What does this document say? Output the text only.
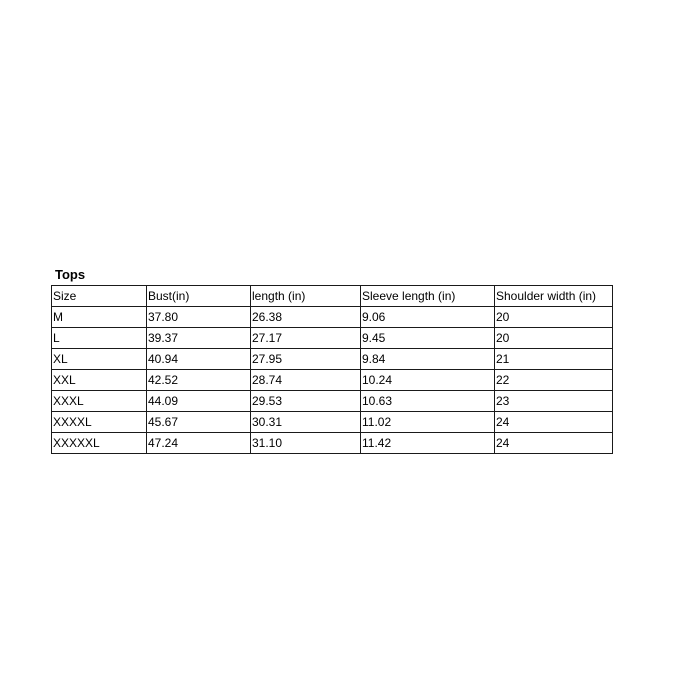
Tops
Size	Bust(in)	length (in)	Sleeve length (in)	Shoulder width (in)
M	37.80	26.38	9.06	20
L	39.37	27.17	9.45	20
XL	40.94	27.95	9.84	21
XXL	42.52	28.74	10.24	22
XXXL	44.09	29.53	10.63	23
XXXXL	45.67	30.31	11.02	24
XXXXXL	47.24	31.10	11.42	24
